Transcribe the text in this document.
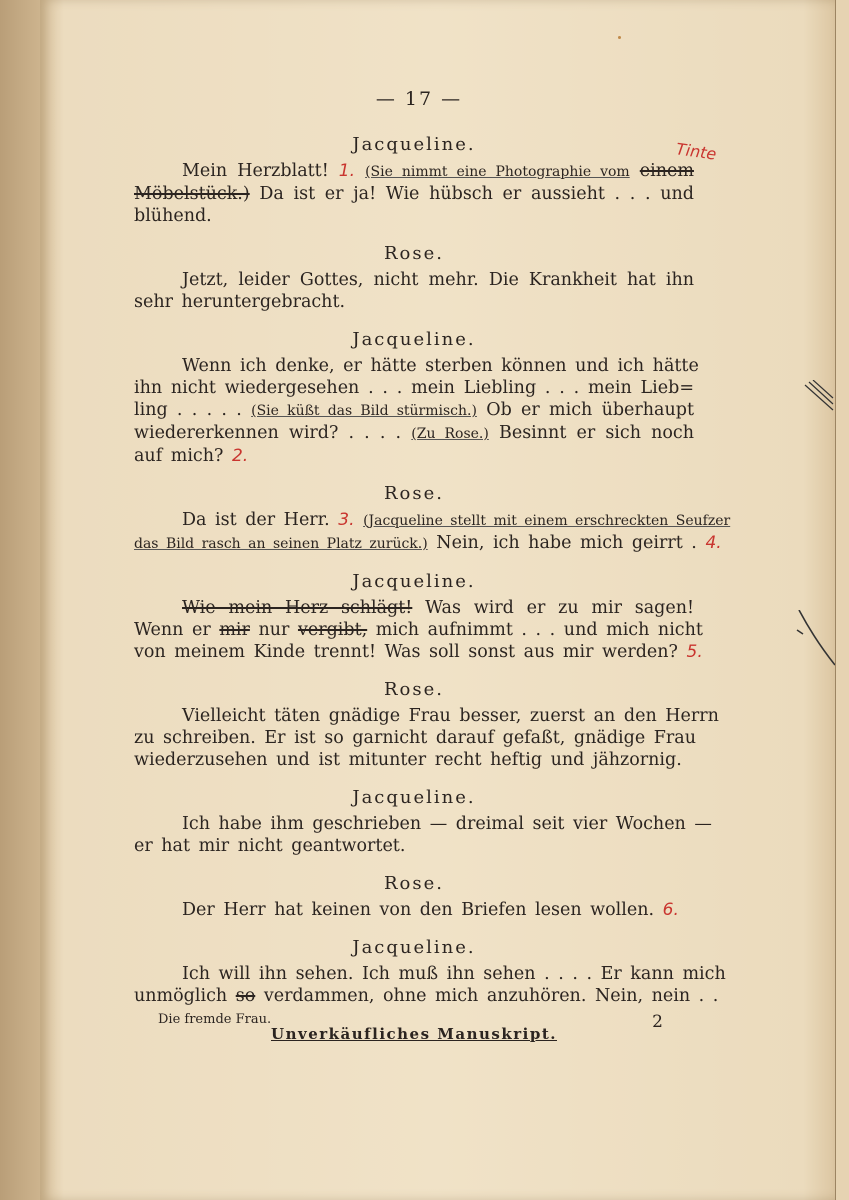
Tinte
— 17 —
Jacqueline.
Mein Herzblatt! 1. (Sie nimmt eine Photographie vom einem
Möbelstück.) Da ist er ja! Wie hübsch er aussieht . . . und
blühend.
Rose.
Jetzt, leider Gottes, nicht mehr. Die Krankheit hat ihn
sehr heruntergebracht.
Jacqueline.
Wenn ich denke, er hätte sterben können und ich hätte
ihn nicht wiedergesehen . . . mein Liebling . . . mein Lieb=
ling . . . . . (Sie küßt das Bild stürmisch.) Ob er mich überhaupt
wiedererkennen wird? . . . . (Zu Rose.) Besinnt er sich noch
auf mich? 2.
Rose.
Da ist der Herr. 3. (Jacqueline stellt mit einem erschreckten Seufzer
das Bild rasch an seinen Platz zurück.) Nein, ich habe mich geirrt . 4.
Jacqueline.
Wie mein Herz schlägt! Was wird er zu mir sagen!
Wenn er mir nur vergibt, mich aufnimmt . . . und mich nicht
von meinem Kinde trennt! Was soll sonst aus mir werden? 5.
Rose.
Vielleicht täten gnädige Frau besser, zuerst an den Herrn
zu schreiben. Er ist so garnicht darauf gefaßt, gnädige Frau
wiederzusehen und ist mitunter recht heftig und jähzornig.
Jacqueline.
Ich habe ihm geschrieben — dreimal seit vier Wochen —
er hat mir nicht geantwortet.
Rose.
Der Herr hat keinen von den Briefen lesen wollen. 6.
Jacqueline.
Ich will ihn sehen. Ich muß ihn sehen . . . . Er kann mich
unmöglich so verdammen, ohne mich anzuhören. Nein, nein . .
Unverkäufliches Manuskript.
Die fremde Frau.	2
